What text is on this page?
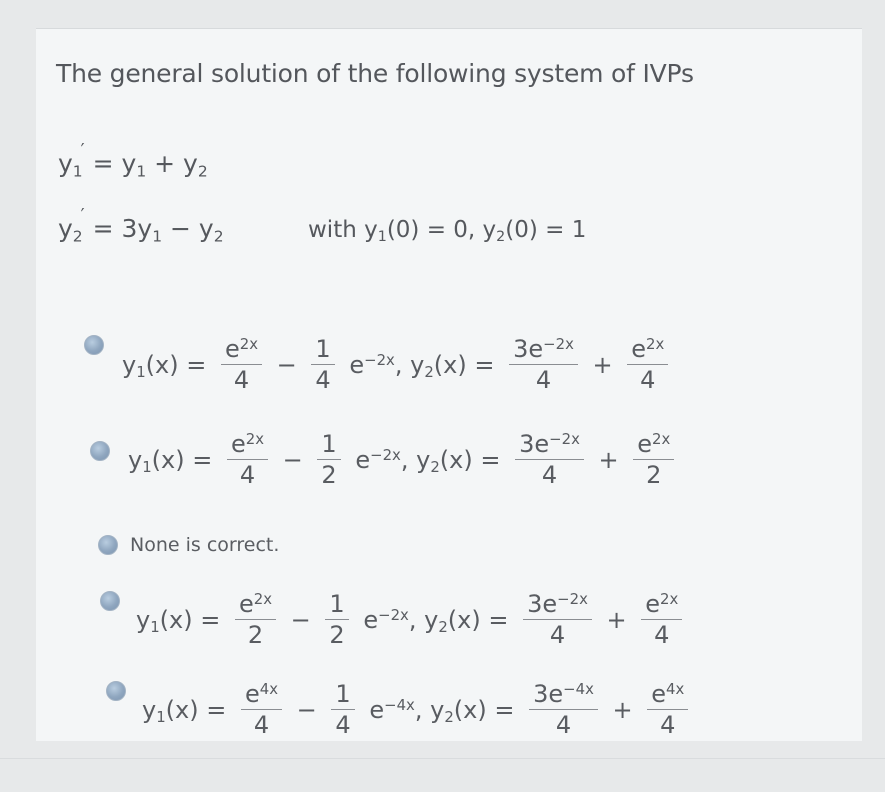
The general solution of the following system of IVPs
$y_1' = y_1 + y_2$
$y_2' = 3y_1 - y_2$	with $y_1(0) = 0$, $y_2(0) = 1$
$y_1(x) = \frac{e^{2x}}{4} - \frac{1}{4} e^{-2x}$, $y_2(x) = \frac{3e^{-2x}}{4} + \frac{e^{2x}}{4}$
$y_1(x) = \frac{e^{2x}}{4} - \frac{1}{2} e^{-2x}$, $y_2(x) = \frac{3e^{-2x}}{4} + \frac{e^{2x}}{2}$
None is correct.
$y_1(x) = \frac{e^{2x}}{2} - \frac{1}{2} e^{-2x}$, $y_2(x) = \frac{3e^{-2x}}{4} + \frac{e^{2x}}{4}$
$y_1(x) = \frac{e^{4x}}{4} - \frac{1}{4} e^{-4x}$, $y_2(x) = \frac{3e^{-4x}}{4} + \frac{e^{4x}}{4}$
